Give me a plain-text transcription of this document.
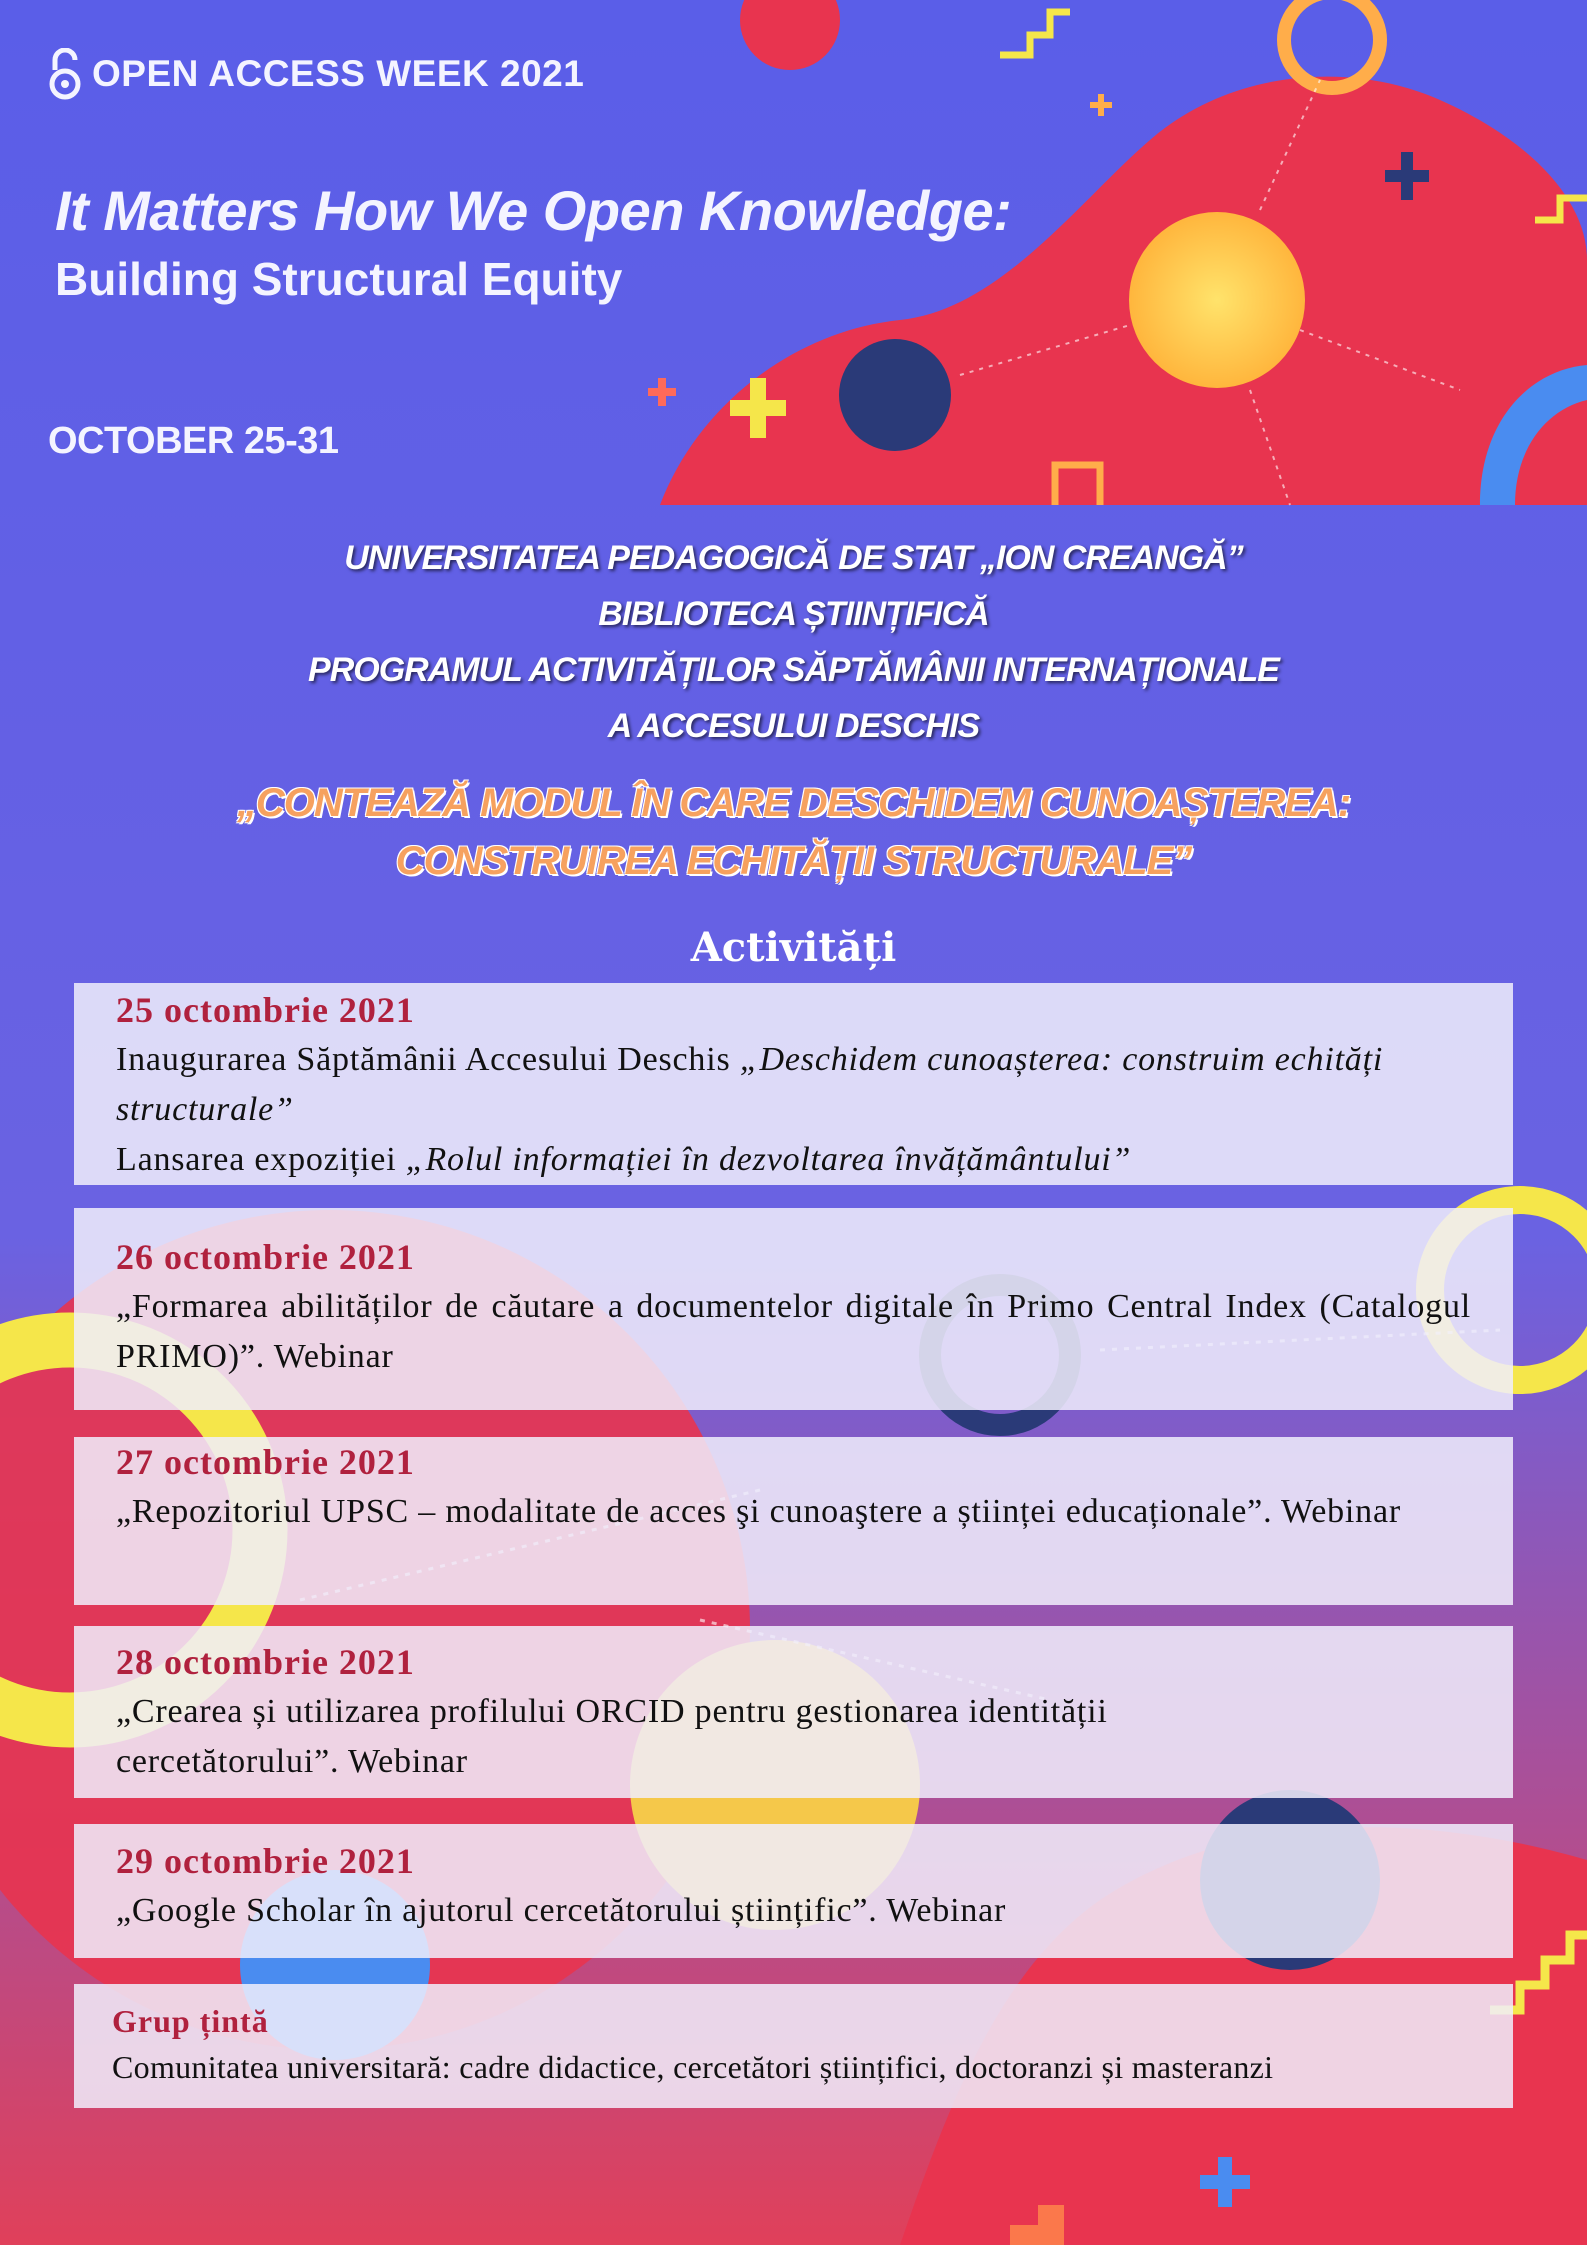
OPEN ACCESS WEEK 2021
It Matters How We Open Knowledge:
Building Structural Equity
OCTOBER 25-31
UNIVERSITATEA PEDAGOGICĂ DE STAT „ION CREANGĂ”
BIBLIOTECA ȘTIINȚIFICĂ
PROGRAMUL ACTIVITĂȚILOR SĂPTĂMÂNII INTERNAȚIONALE
A ACCESULUI DESCHIS
„CONTEAZĂ MODUL ÎN CARE DESCHIDEM CUNOAȘTEREA:
CONSTRUIREA ECHITĂȚII STRUCTURALE”
Activități
25 octombrie 2021
Inaugurarea Săptămânii Accesului Deschis „Deschidem cunoașterea: construim echități structurale”
Lansarea expoziției „Rolul informației în dezvoltarea învățământului”
26 octombrie 2021
„Formarea abilităților de căutare a documentelor digitale în Primo Central Index (Catalogul PRIMO)”. Webinar
27 octombrie 2021
„Repozitoriul UPSC – modalitate de acces şi cunoaştere a științei educaționale”. Webinar
28 octombrie 2021
„Crearea și utilizarea profilului ORCID pentru gestionarea identității
cercetătorului”. Webinar
29 octombrie 2021
„Google Scholar în ajutorul cercetătorului științific”. Webinar
Grup țintă
Comunitatea universitară: cadre didactice, cercetători științifici, doctoranzi și masteranzi
